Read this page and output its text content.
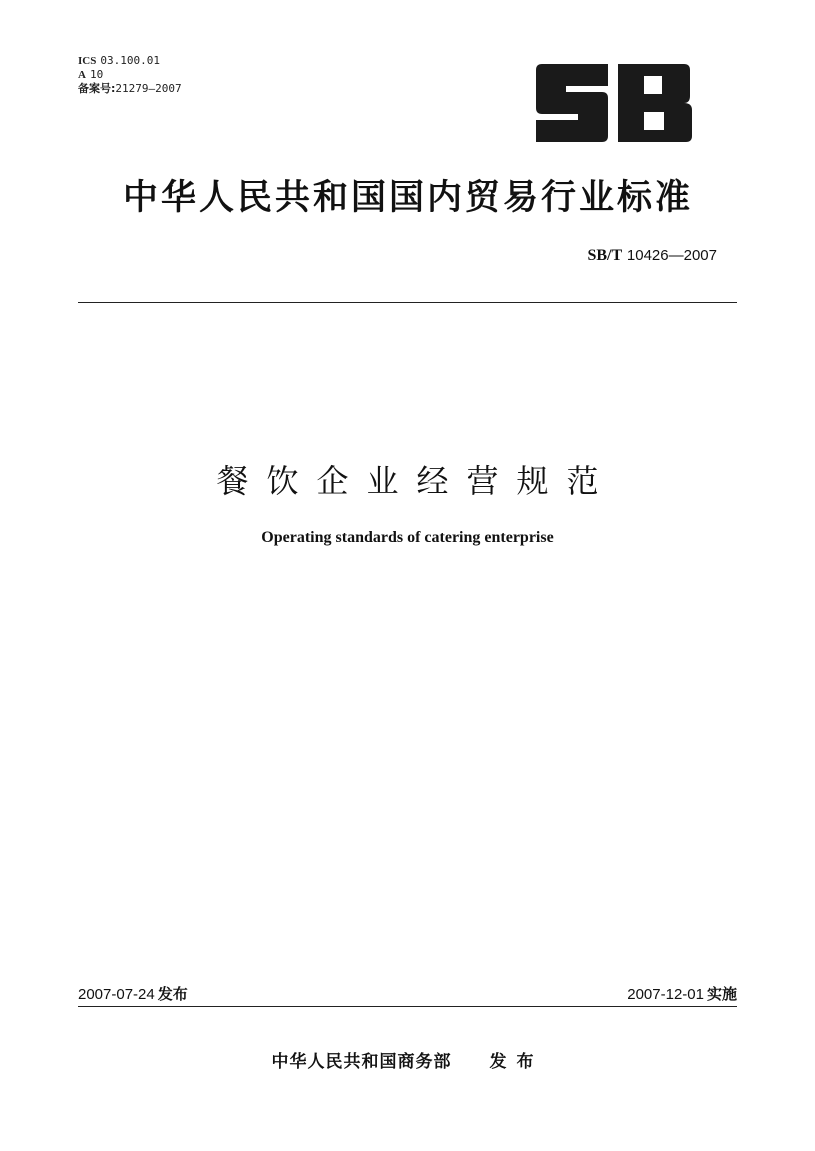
ICS 03.100.01
A 10
备案号:21279—2007
SB
中华人民共和国国内贸易行业标准
SB/T 10426—2007
餐饮企业经营规范
Operating standards of catering enterprise
2007-07-24 发布	2007-12-01 实施
中华人民共和国商务部 发布
